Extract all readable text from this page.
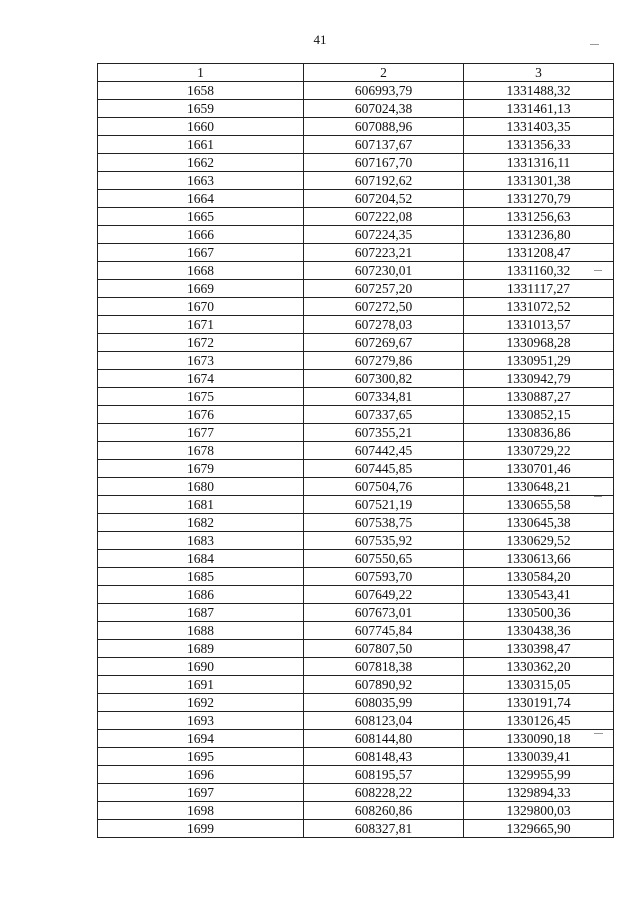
41
1	2	3
1658	606993,79	1331488,32
1659	607024,38	1331461,13
1660	607088,96	1331403,35
1661	607137,67	1331356,33
1662	607167,70	1331316,11
1663	607192,62	1331301,38
1664	607204,52	1331270,79
1665	607222,08	1331256,63
1666	607224,35	1331236,80
1667	607223,21	1331208,47
1668	607230,01	1331160,32
1669	607257,20	1331117,27
1670	607272,50	1331072,52
1671	607278,03	1331013,57
1672	607269,67	1330968,28
1673	607279,86	1330951,29
1674	607300,82	1330942,79
1675	607334,81	1330887,27
1676	607337,65	1330852,15
1677	607355,21	1330836,86
1678	607442,45	1330729,22
1679	607445,85	1330701,46
1680	607504,76	1330648,21
1681	607521,19	1330655,58
1682	607538,75	1330645,38
1683	607535,92	1330629,52
1684	607550,65	1330613,66
1685	607593,70	1330584,20
1686	607649,22	1330543,41
1687	607673,01	1330500,36
1688	607745,84	1330438,36
1689	607807,50	1330398,47
1690	607818,38	1330362,20
1691	607890,92	1330315,05
1692	608035,99	1330191,74
1693	608123,04	1330126,45
1694	608144,80	1330090,18
1695	608148,43	1330039,41
1696	608195,57	1329955,99
1697	608228,22	1329894,33
1698	608260,86	1329800,03
1699	608327,81	1329665,90
